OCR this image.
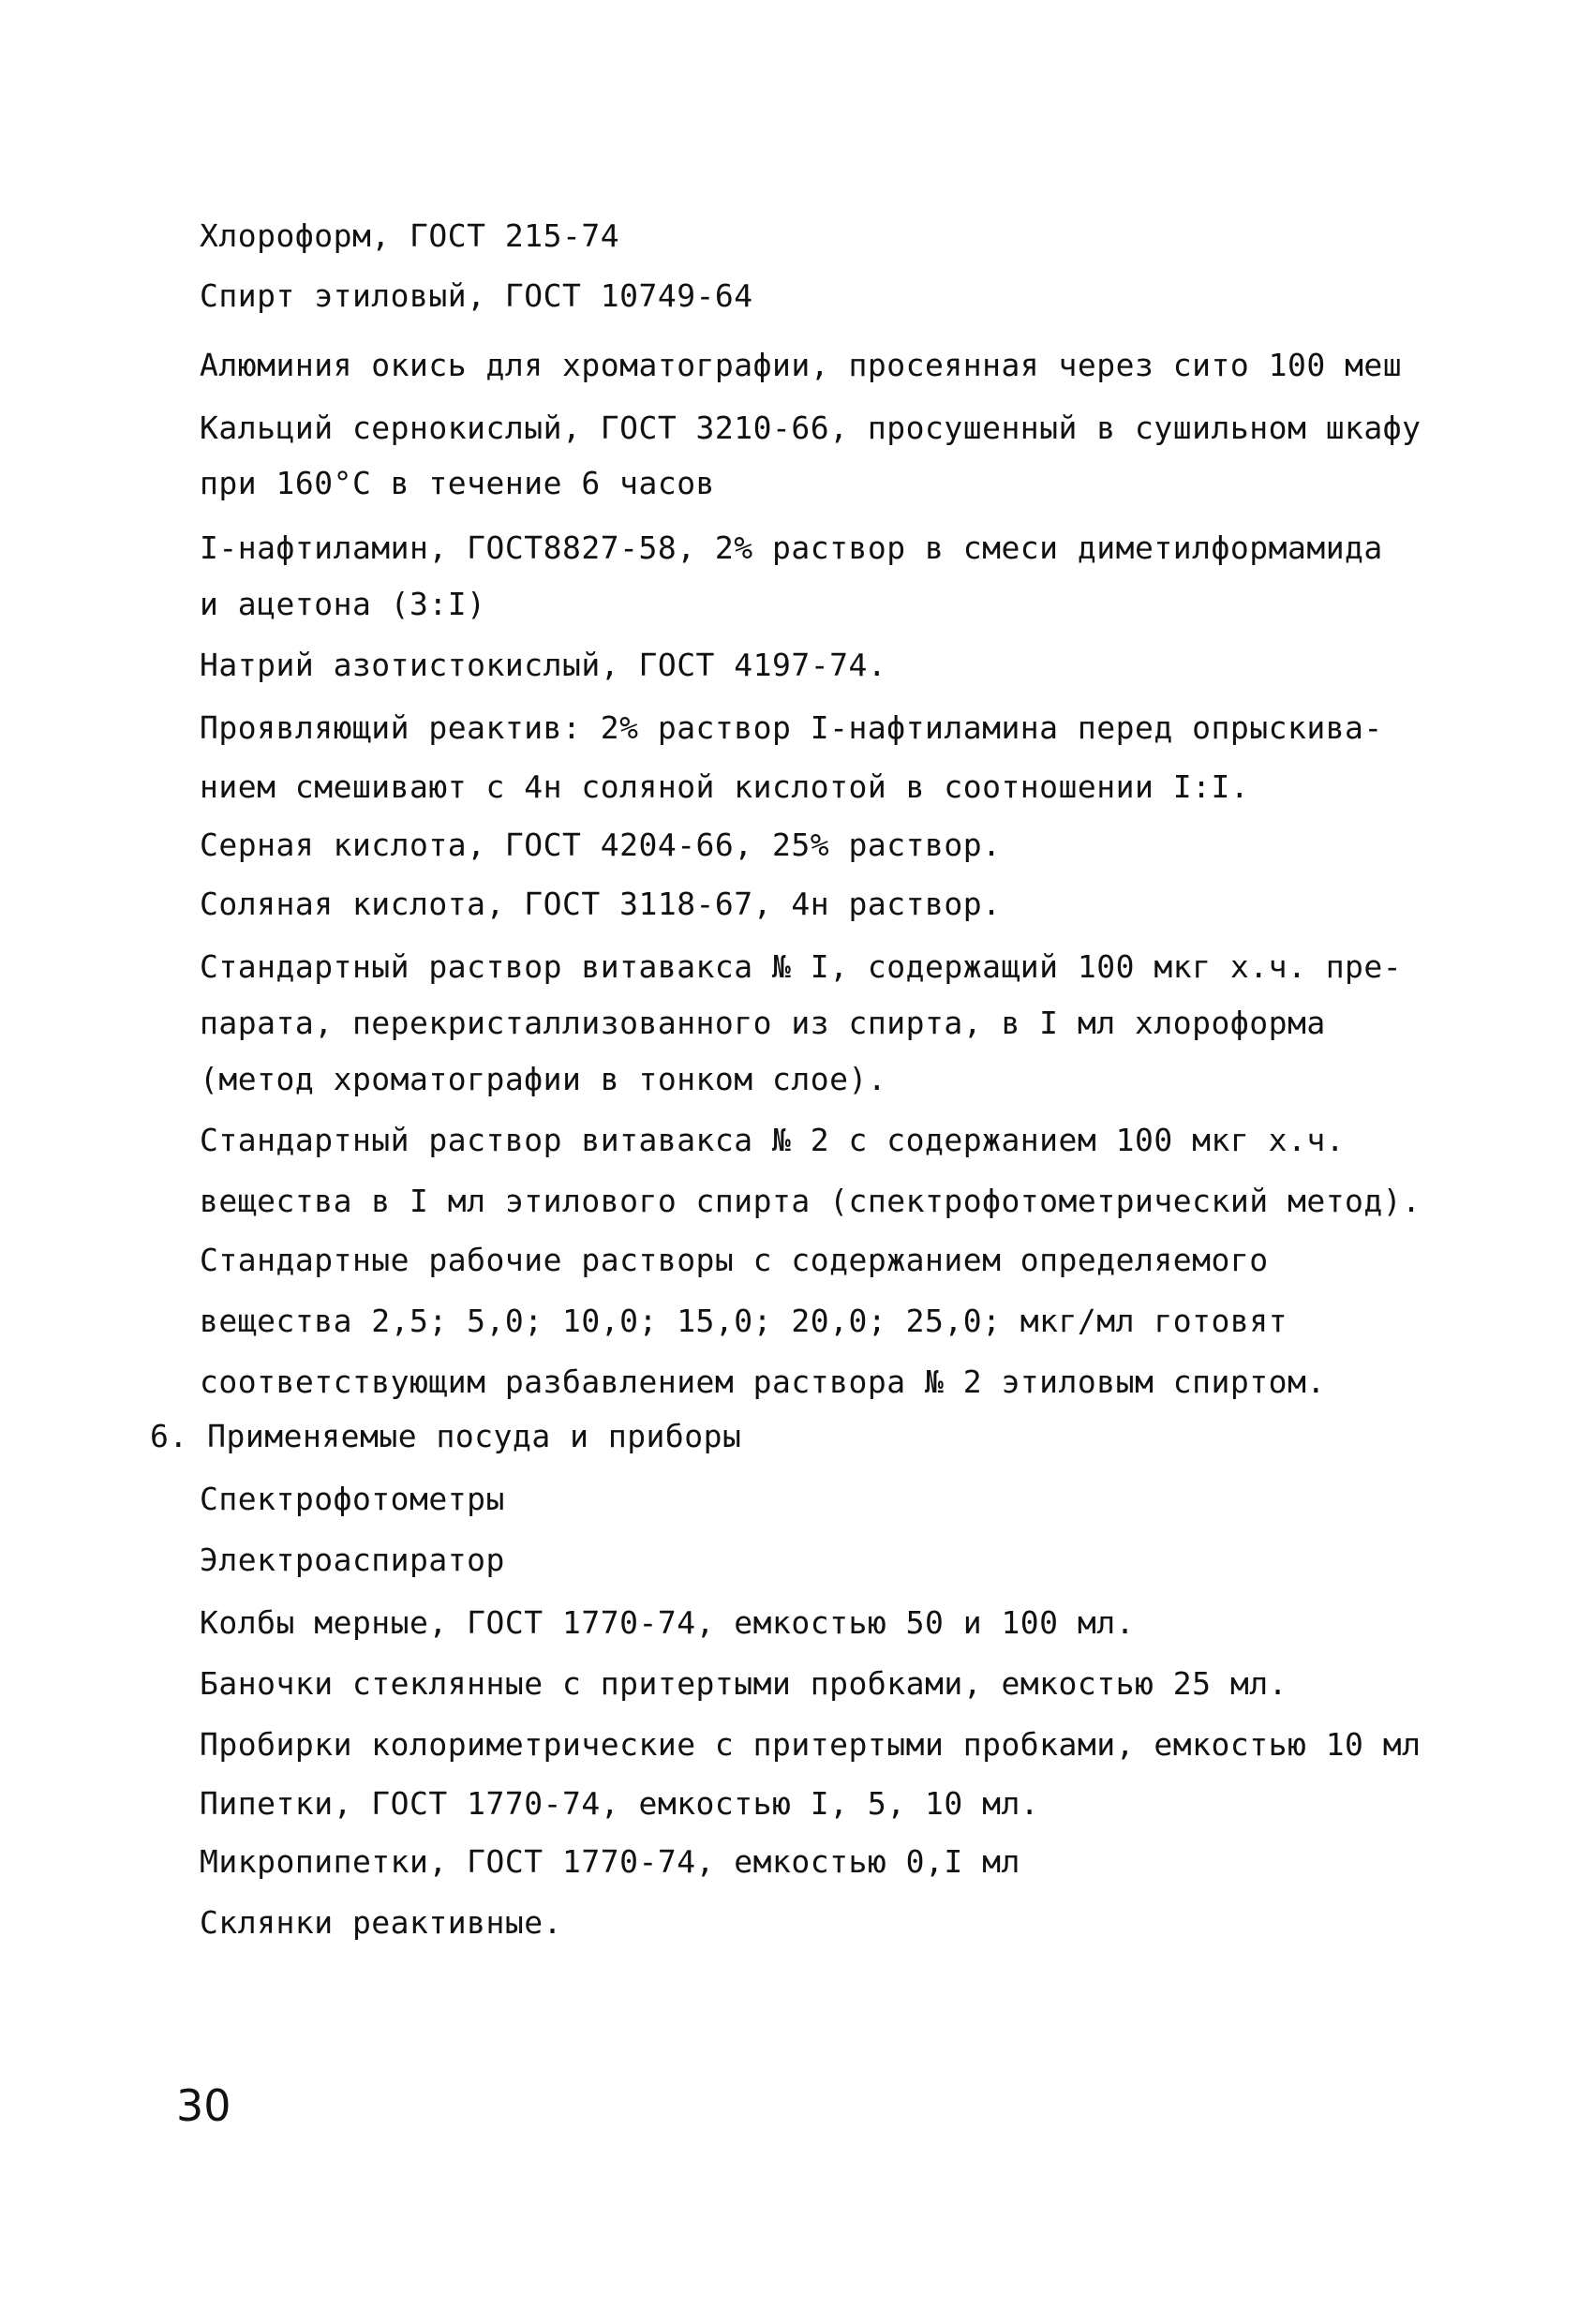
Хлороформ, ГОСТ 215-74
Спирт этиловый, ГОСТ 10749-64
Алюминия окись для хроматографии, просеянная через сито 100 меш
Кальций сернокислый, ГОСТ 3210-66, просушенный в сушильном шкафу
при 160°С в течение 6 часов
I-нафтиламин, ГОСТ8827-58, 2% раствор в смеси диметилформамида
и ацетона (3:I)
Натрий азотистокислый, ГОСТ 4197-74.
Проявляющий реактив: 2% раствор I-нафтиламина перед опрыскива-
нием смешивают с 4н соляной кислотой в соотношении I:I.
Серная кислота, ГОСТ 4204-66, 25% раствор.
Соляная кислота, ГОСТ 3118-67, 4н раствор.
Стандартный раствор витавакса № I, содержащий 100 мкг х.ч. пре-
парата, перекристаллизованного из спирта, в I мл хлороформа
(метод хроматографии в тонком слое).
Стандартный раствор витавакса № 2 с содержанием 100 мкг х.ч.
вещества в I мл этилового спирта (спектрофотометрический метод).
Стандартные рабочие растворы с содержанием определяемого
вещества 2,5; 5,0; 10,0; 15,0; 20,0; 25,0; мкг/мл готовят
соответствующим разбавлением раствора № 2 этиловым спиртом.
6. Применяемые посуда и приборы
Спектрофотометры
Электроаспиратор
Колбы мерные, ГОСТ 1770-74, емкостью 50 и 100 мл.
Баночки стеклянные с притертыми пробками, емкостью 25 мл.
Пробирки колориметрические с притертыми пробками, емкостью 10 мл
Пипетки, ГОСТ 1770-74, емкостью I, 5, 10 мл.
Микропипетки, ГОСТ 1770-74, емкостью 0,I мл
Склянки реактивные.
30
